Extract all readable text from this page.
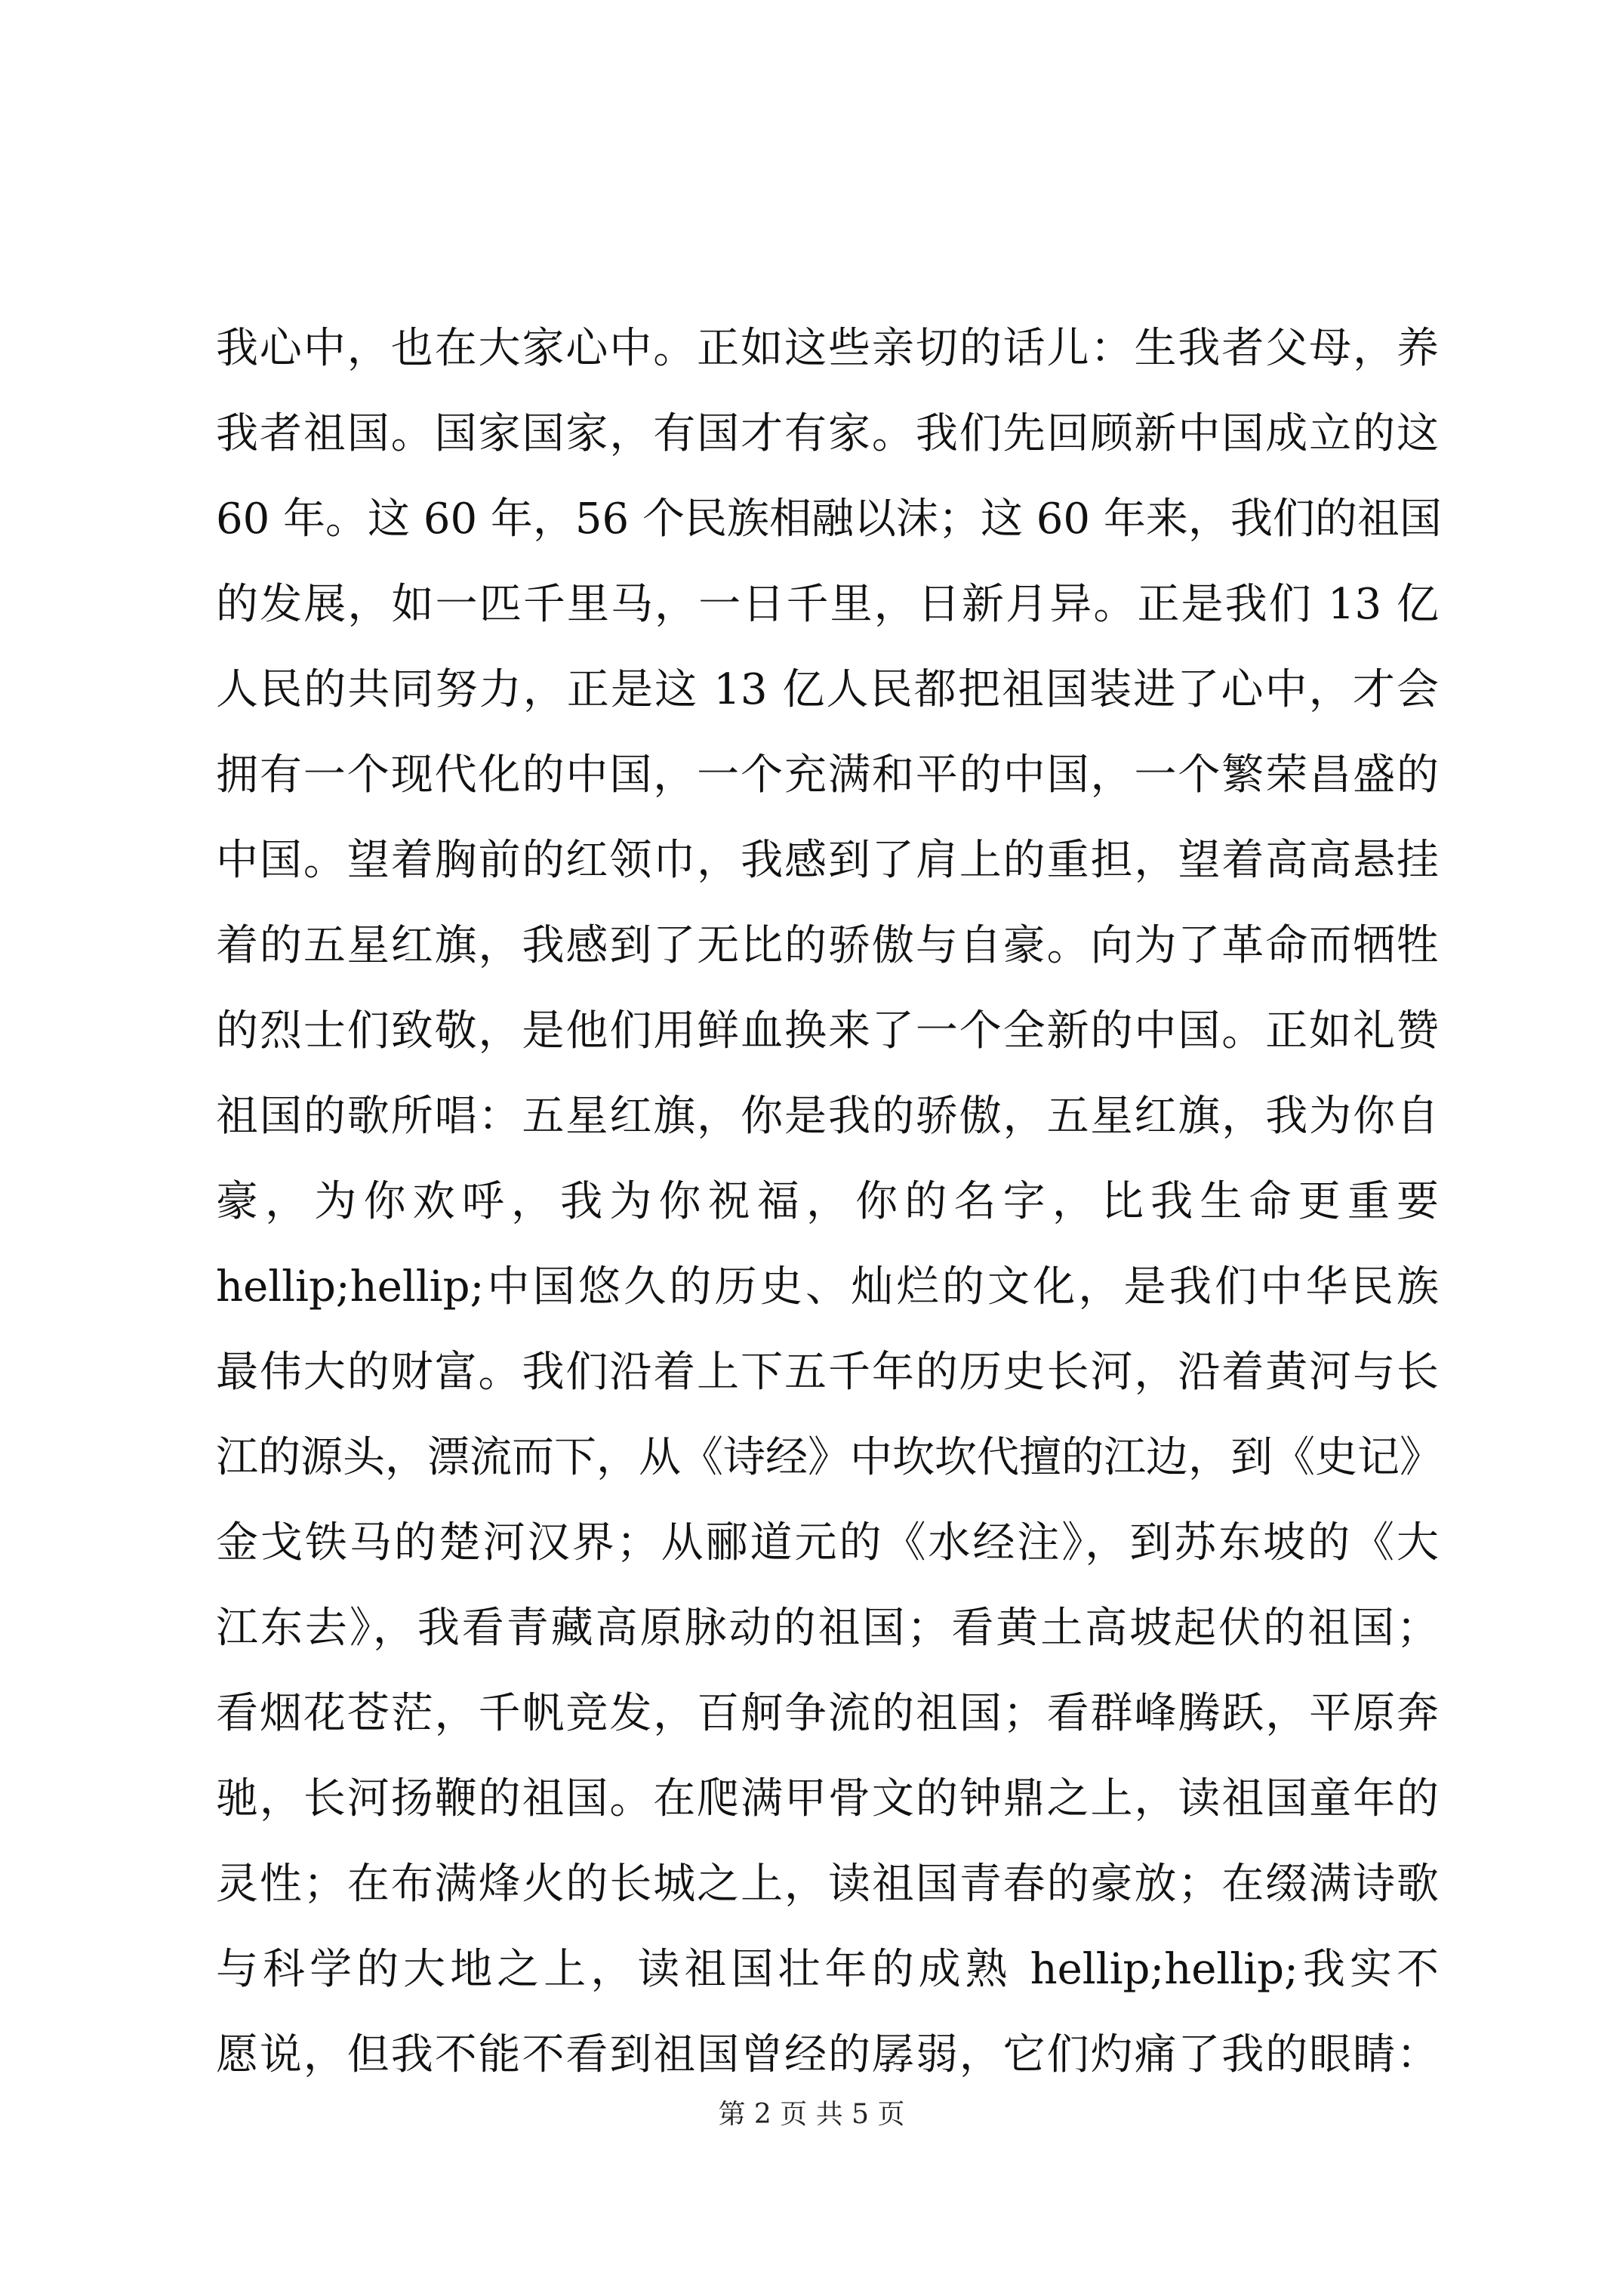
我心中，也在大家心中。正如这些亲切的话儿：生我者父母，养
我者祖国。国家国家，有国才有家。我们先回顾新中国成立的这
60 年。这 60 年，56 个民族相融以沫；这 60 年来，我们的祖国
的发展，如一匹千里马，一日千里，日新月异。正是我们 13 亿
人民的共同努力，正是这 13 亿人民都把祖国装进了心中，才会
拥有一个现代化的中国，一个充满和平的中国，一个繁荣昌盛的
中国。望着胸前的红领巾，我感到了肩上的重担，望着高高悬挂
着的五星红旗，我感到了无比的骄傲与自豪。向为了革命而牺牲
的烈士们致敬，是他们用鲜血换来了一个全新的中国。正如礼赞
祖国的歌所唱：五星红旗，你是我的骄傲，五星红旗，我为你自
豪，为你欢呼，我为你祝福，你的名字，比我生命更重要
hellip;hellip;中国悠久的历史、灿烂的文化，是我们中华民族
最伟大的财富。我们沿着上下五千年的历史长河，沿着黄河与长
江的源头，漂流而下，从《诗经》中坎坎代擅的江边，到《史记》
金戈铁马的楚河汉界；从郦道元的《水经注》，到苏东坡的《大
江东去》，我看青藏高原脉动的祖国；看黄土高坡起伏的祖国；
看烟花苍茫，千帆竞发，百舸争流的祖国；看群峰腾跃，平原奔
驰，长河扬鞭的祖国。在爬满甲骨文的钟鼎之上，读祖国童年的
灵性；在布满烽火的长城之上，读祖国青春的豪放；在缀满诗歌
与科学的大地之上，读祖国壮年的成熟 hellip;hellip;我实不
愿说，但我不能不看到祖国曾经的孱弱，它们灼痛了我的眼睛：
第 2 页 共 5 页
